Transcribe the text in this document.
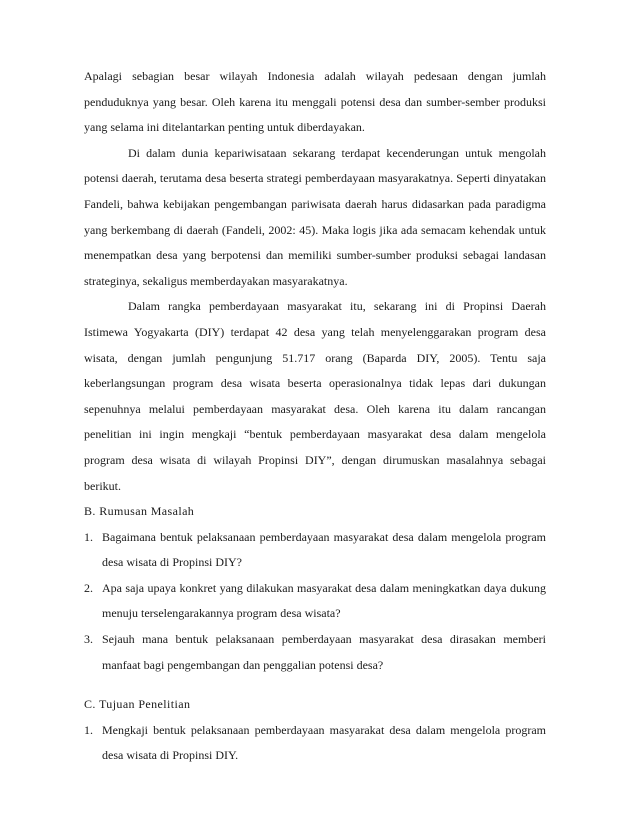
Apalagi sebagian besar wilayah Indonesia adalah wilayah pedesaan dengan jumlah penduduknya yang besar. Oleh karena itu menggali potensi desa dan sumber-sember produksi yang selama ini ditelantarkan penting untuk diberdayakan.

Di dalam dunia kepariwisataan sekarang terdapat kecenderungan untuk mengolah potensi daerah, terutama desa beserta strategi pemberdayaan masyarakatnya. Seperti dinyatakan Fandeli, bahwa kebijakan pengembangan pariwisata daerah harus didasarkan pada paradigma yang berkembang di daerah (Fandeli, 2002: 45). Maka logis jika ada semacam kehendak untuk menempatkan desa yang berpotensi dan memiliki sumber-sumber produksi sebagai landasan strateginya, sekaligus memberdayakan masyarakatnya.

Dalam rangka pemberdayaan masyarakat itu, sekarang ini di Propinsi Daerah Istimewa Yogyakarta (DIY) terdapat 42 desa yang telah menyelenggarakan program desa wisata, dengan jumlah pengunjung 51.717 orang (Baparda DIY, 2005). Tentu saja keberlangsungan program desa wisata beserta operasionalnya tidak lepas dari dukungan sepenuhnya melalui pemberdayaan masyarakat desa. Oleh karena itu dalam rancangan penelitian ini ingin mengkaji “bentuk pemberdayaan masyarakat desa dalam mengelola program desa wisata di wilayah Propinsi DIY”, dengan dirumuskan masalahnya sebagai berikut.

B. Rumusan Masalah

1. Bagaimana bentuk pelaksanaan pemberdayaan masyarakat desa dalam mengelola program desa wisata di Propinsi DIY?
2. Apa saja upaya konkret yang dilakukan masyarakat desa dalam meningkatkan daya dukung menuju terselengarakannya program desa wisata?
3. Sejauh mana bentuk pelaksanaan pemberdayaan masyarakat desa dirasakan memberi manfaat bagi pengembangan dan penggalian potensi desa?

C. Tujuan Penelitian

1. Mengkaji bentuk pelaksanaan pemberdayaan masyarakat desa dalam mengelola program desa wisata di Propinsi DIY.
